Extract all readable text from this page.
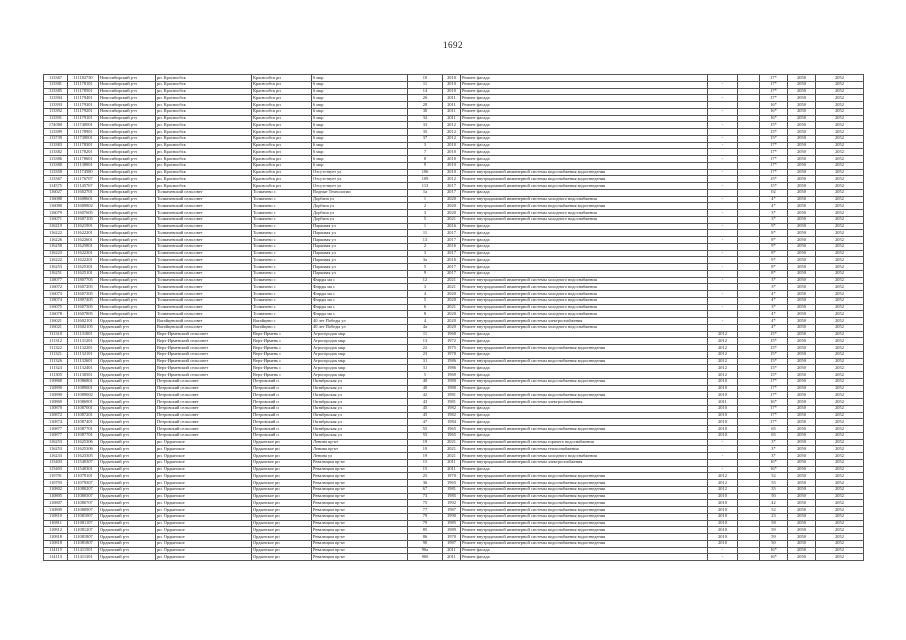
1692
113367	111182750	Новосибирский р-н	рп. Краснообск	Краснообск рп	6 мкр	10	2010	Ремонт фасада			17*	2050	2052
113381	111178101	Новосибирский р-н	рп. Краснообск	Краснообск рп	6 мкр	11	2010	Ремонт фасада	-		17*	2050	2052
113385	111178501	Новосибирский р-н	рп. Краснообск	Краснообск рп	6 мкр	14	2010	Ремонт фасада			17*	2050	2052
113394	111179401	Новосибирский р-н	рп. Краснообск	Краснообск рп	6 мкр	26	2011	Ремонт фасада	-		17*	2050	2052
113393	111179301	Новосибирский р-н	рп. Краснообск	Краснообск рп	6 мкр	28	2011	Ремонт фасада			16*	2050	2052
113392	111179201	Новосибирский р-н	рп. Краснообск	Краснообск рп	6 мкр	30	2011	Ремонт фасада	-		16*	2050	2052
113391	111179101	Новосибирский р-н	рп. Краснообск	Краснообск рп	6 мкр	32	2011	Ремонт фасада			16*	2050	2052
174000	111740001	Новосибирский р-н	рп. Краснообск	Краснообск рп	6 мкр	33	2012	Ремонт фасада	-		15*	2050	2052
113389	111178901	Новосибирский р-н	рп. Краснообск	Краснообск рп	6 мкр	35	2012	Ремонт фасада			15*	2050	2052
113739	111739001	Новосибирский р-н	рп. Краснообск	Краснообск рп	6 мкр	37	2012	Ремонт фасада	-		15*	2050	2052
113383	111178301	Новосибирский р-н	рп. Краснообск	Краснообск рп	6 мкр	3	2010	Ремонт фасада	-		17*	2050	2052
113382	111178201	Новосибирский р-н	рп. Краснообск	Краснообск рп	6 мкр	7	2010	Ремонт фасада			17*	2050	2052
113386	111178601	Новосибирский р-н	рп. Краснообск	Краснообск рп	6 мкр	8	2010	Ремонт фасада	-		17*	2050	2052
113380	111138001	Новосибирский р-н	рп. Краснообск	Краснообск рп	6 мкр	9	2010	Ремонт фасада			17*	2050	2052
113358	111174580	Новосибирский р-н	рп. Краснообск	Краснообск рп	Отсутствует ул	106	2010	Ремонт внутридомовой инженерной системы водоснабжения водоотведения	-		17*	2050	2052
113367	111176707	Новосибирский р-н	рп. Краснообск	Краснообск рп	Отсутствует ул	109	2012	Ремонт внутридомовой инженерной системы водоснабжения водоотведения			15*	2050	2052
114575	111145767	Новосибирский р-н	рп. Краснообск	Краснообск рп	Отсутствует ул	113	2017	Ремонт внутридомовой инженерной системы водоснабжения водоотведения	-		15*	2050	2052
116027	111602701	Новосибирский р-н	Толмачевский сельсовет	Толмачево с	Водные Технологии	1а	2017	Ремонт фасада			02	2050	2052
116088	111608601	Новосибирский р-н	Толмачевский сельсовет	Толмачево с	Дорбиза ул	1	2020	Ремонт внутридомовой инженерной системы холодного водоснабжения	-		4*	2050	2052
116080	111609802	Новосибирский р-н	Толмачевский сельсовет	Толмачево с	Дорбиза ул	2	2020	Ремонт внутридомовой инженерной системы водоснабжения водоотведения			4*	2050	2052
116079	111607605	Новосибирский р-н	Толмачевский сельсовет	Толмачево с	Дорбиза ул	3	2020	Ремонт внутридомовой инженерной системы холодного водоснабжения	-		3*	2050	2052
116071	111607105	Новосибирский р-н	Толмачевский сельсовет	Толмачево с	Дорбиза ул	5	2021	Ремонт внутридомовой инженерной системы холодного водоснабжения			3*	2050	2052
116219	111621901	Новосибирский р-н	Толмачевский сельсовет	Толмачево с	Парковая ул	1	2016	Ремонт фасада	-		9*	2050	2052
116222	111622201	Новосибирский р-н	Толмачевский сельсовет	Толмачево с	Парковая ул	11	2017	Ремонт фасада			8*	2050	2052
116226	111622601	Новосибирский р-н	Толмачевский сельсовет	Толмачево с	Парковая ул	13	2017	Ремонт фасада	-		8*	2050	2052
116258	111625801	Новосибирский р-н	Толмачевский сельсовет	Толмачево с	Парковая ул	2	2016	Ремонт фасада			9*	2050	2052
116223	111622301	Новосибирский р-н	Толмачевский сельсовет	Толмачево с	Парковая ул	3	2017	Ремонт фасада	-		8*	2050	2052
116222	111622201	Новосибирский р-н	Толмачевский сельсовет	Толмачево с	Парковая ул	3а	2016	Ремонт фасада			9*	2050	2052
116253	111625301	Новосибирский р-н	Толмачевский сельсовет	Толмачево с	Парковая ул	5	2017	Ремонт фасада	-		8*	2050	2052
116251	111625101	Новосибирский р-н	Толмачевский сельсовет	Толмачево с	Парковая ул	9	2017	Ремонт фасада			8*	2050	2052
118077	111807705	Новосибирский р-н	Толмачевский сельсовет	Толмачево с	Фирды ма с	12	2021	Ремонт внутридомовой инженерной системы холодного водоснабжения	-		3*	2050	2052
116072	111607205	Новосибирский р-н	Толмачевский сельсовет	Толмачево с	Фирды ма с	3	2021	Ремонт внутридомовой инженерной системы холодного водоснабжения			3*	2050	2052
116073	111607305	Новосибирский р-н	Толмачевский сельсовет	Толмачево с	Фирды ма с	4	2020	Ремонт внутридомовой инженерной системы холодного водоснабжения	-		4*	2050	2052
118074	111807405	Новосибирский р-н	Толмачевский сельсовет	Толмачево с	Фирды ма с	5	2020	Ремонт внутридомовой инженерной системы холодного водоснабжения			4*	2050	2052
116075	111607505	Новосибирский р-н	Толмачевский сельсовет	Толмачево с	Фирды ма с	6	2021	Ремонт внутридомовой инженерной системы холодного водоснабжения	-		3*	2050	2052
116078	111607805	Новосибирский р-н	Толмачевский сельсовет	Толмачево с	Фирды ма с	8	2020	Ремонт внутридомовой инженерной системы холодного водоснабжения			4*	2050	2052
116021	111602101	Ордынский р-н	Вагайцевский сельсовет	Вагайцево с	40 лет Победы ул	4	2020	Ремонт внутридомовой инженерной системы электроснабжения	-		4*	2050	2052
116021	111602105	Ордынский р-н	Вагайцевский сельсовет	Вагайцево с	40 лет Победы ул	4а	2020	Ремонт внутридомовой инженерной системы холодного водоснабжения			4*	2050	2052
111310	111131001	Ордынский р-н	Верх-Ирменский сельсовет	Верх-Ирмень с	Агрогородок мкр	11	1968	Ремонт фасада	2012		15*	2050	2052
111312	111131201	Ордынский р-н	Верх-Ирменский сельсовет	Верх-Ирмень с	Агрогородок мкр	13	1972	Ремонт фасада	2012		15*	2050	2052
111322	111132201	Ордынский р-н	Верх-Ирменский сельсовет	Верх-Ирмень с	Агрогородок мкр	22	1975	Ремонт внутридомовой инженерной системы водоснабжения водоотведения	2012		15*	2050	2052
111321	111132101	Ордынский р-н	Верх-Ирменский сельсовет	Верх-Ирмень с	Агрогородок мкр	23	1978	Ремонт фасада	2012		15*	2050	2052
111326	111132601	Ордынский р-н	Верх-Ирменский сельсовет	Верх-Ирмень с	Агрогородок мкр	31	1986	Ремонт внутридомовой инженерной системы водоснабжения водоотведения	2012		15*	2050	2052
111324	111132401	Ордынский р-н	Верх-Ирменский сельсовет	Верх-Ирмень с	Агрогородок мкр	31	1986	Ремонт фасада	2012		15*	2050	2052
111305	111130501	Ордынский р-н	Верх-Ирменский сельсовет	Верх-Ирмень с	Агрогородок мкр	5	1969	Ремонт фасада	2012		15*	2050	2052
110868	111086801	Ордынский р-н	Петровский сельсовет	Петровский п	Октябрьская ул	40	1980	Ремонт внутридомовой инженерной системы водоснабжения водоотведения	2010		17*	2050	2052
110890	111089001	Ордынский р-н	Петровский сельсовет	Петровский п	Октябрьская ул	40	1980	Ремонт фасада	2010		17*	2050	2052
110890	111089002	Ордынский р-н	Петровский сельсовет	Петровский п	Октябрьская ул	42	1981	Ремонт внутридомовой инженерной системы водоснабжения водоотведения	2010		17*	2050	2052
110869	111086901	Ордынский р-н	Петровский сельсовет	Петровский п	Октябрьская ул	43	1981	Ремонт внутридомовой инженерной системы электроснабжения	2011		16*	2050	2052
110870	111087001	Ордынский р-н	Петровский сельсовет	Петровский п	Октябрьская ул	45	1982	Ремонт фасада	2010		17*	2050	2052
110872	111087201	Ордынский р-н	Петровский сельсовет	Петровский п	Октябрьская ул	45	1982	Ремонт фасада	2010		17*	2050	2052
110874	111087401	Ордынский р-н	Петровский сельсовет	Петровский п	Октябрьская ул	47	1984	Ремонт фасада	2010		17*	2050	2052
110877	111087701	Ордынский р-н	Петровский сельсовет	Петровский п	Октябрьская ул	55	1965	Ремонт внутридомовой инженерной системы водоснабжения водоотведения	2010		65	2050	2052
110877	111087701	Ордынский р-н	Петровский сельсовет	Петровский п	Октябрьская ул	55	1965	Ремонт фасада	2010		65	2050	2052
116253	111625306	Ордынский р-н	рп. Ордынское	Ордынское рп	Ленина пр-кт	19	2021	Ремонт внутридомовой инженерной системы горячего водоснабжения	-		3*	2050	2052
116253	111625306	Ордынский р-н	рп. Ордынское	Ордынское рп	Ленина пр-кт	19	2021	Ремонт внутридомовой инженерной системы теплоснабжения			3*	2050	2052
116233	111623305	Ордынский р-н	рп. Ордынское	Ордынское рп	Ленина ул	19	2021	Ремонт внутридомовой инженерной системы холодного водоснабжения	-		3*	2050	2052
115403	111540307	Ордынский р-н	рп. Ордынское	Ордынское рп	Ревалюции пр-кт	15	2011	Ремонт внутридомовой инженерной системы электроснабжения			16*	2050	2052
115403	111540301	Ордынский р-н	рп. Ордынское	Ордынское рп	Ревалюции пр-кт	15	2011	Ремонт фасада	-		16*	2050	2052
110791	111079101	Ордынский р-н	рп. Ордынское	Ордынское рп	Ревалюции пр-кт	25	1970	Ремонт внутридомовой инженерной системы водоснабжения водоотведения	2012		52	2050	2052
110793	111079307	Ордынский р-н	рп. Ордынское	Ордынское рп	Ревалюции пр-кт	36	1965	Ремонт внутридомовой инженерной системы водоснабжения водоотведения	2012		55	2050	2052
110802	111080207	Ордынский р-н	рп. Ордынское	Ордынское рп	Ревалюции пр-кт	67	1981	Ремонт внутридомовой инженерной системы водоснабжения водоотведения	2012		35	2050	2052
110805	111080507	Ордынский р-н	рп. Ордынское	Ордынское рп	Ревалюции пр-кт	73	1985	Ремонт внутридомовой инженерной системы водоснабжения водоотведения	2010		50	2050	2052
110807	111080707	Ордынский р-н	рп. Ордынское	Ордынское рп	Ревалюции пр-кт	75	1992	Ремонт внутридомовой инженерной системы водоснабжения водоотведения	2010		42	2050	2052
110809	111080907	Ордынский р-н	рп. Ордынское	Ордынское рп	Ревалюции пр-кт	77	1987	Ремонт внутридомовой инженерной системы водоснабжения водоотведения	2010		52	2050	2052
110810	111081007	Ордынский р-н	рп. Ордынское	Ордынское рп	Ревалюции пр-кт	79	1990	Ремонт внутридомовой инженерной системы водоснабжения водоотведения	2010		23	2050	2052
110811	111081107	Ордынский р-н	рп. Ордынское	Ордынское рп	Ревалюции пр-кт	79	1985	Ремонт внутридомовой инженерной системы водоснабжения водоотведения	2010		58	2050	2052
110812	111081207	Ордынский р-н	рп. Ордынское	Ордынское рп	Ревалюции пр-кт	85	1989	Ремонт внутридомовой инженерной системы водоснабжения водоотведения	2010		59	2050	2052
110818	111081807	Ордынский р-н	рп. Ордынское	Ордынское рп	Ревалюции пр-кт	86	1970	Ремонт внутридомовой инженерной системы водоснабжения водоотведения	2010		59	2050	2052
110818	111081807	Ордынский р-н	рп. Ордынское	Ордынское рп	Ревалюции пр-кт	90	1987	Ремонт внутридомовой инженерной системы водоснабжения водоотведения	2010		50	2050	2052
114115	111411501	Ордынский р-н	рп. Ордынское	Ордынское рп	Ревалюции пр-кт	90а	2011	Ремонт фасада	-		16*	2050	2052
114113	111411301	Ордынский р-н	рп. Ордынское	Ордынское рп	Ревалюции пр-кт	90б	2011	Ремонт фасада	-		16*	2050	2052
